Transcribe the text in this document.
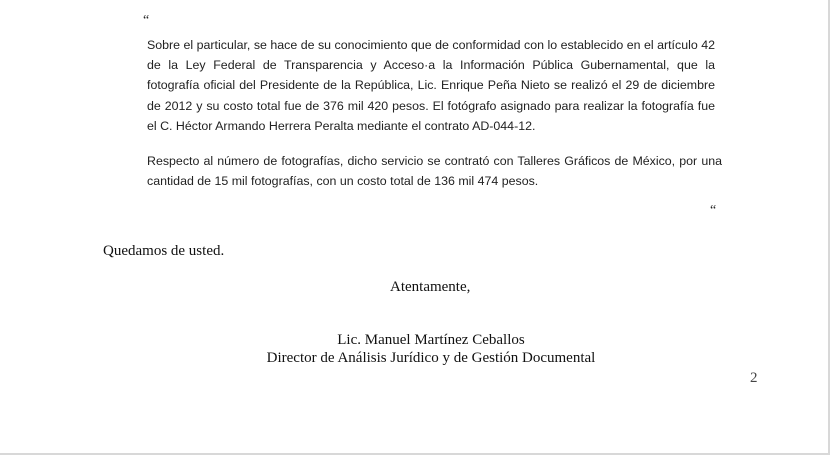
“

Sobre el particular, se hace de su conocimiento que de conformidad con lo establecido en el artículo 42 de la Ley Federal de Transparencia y Acceso·a la Información Pública Gubernamental, que la fotografía oficial del Presidente de la República, Lic. Enrique Peña Nieto se realizó el 29 de diciembre de 2012 y su costo total fue de 376 mil 420 pesos. El fotógrafo asignado para realizar la fotografía fue el C. Héctor Armando Herrera Peralta mediante el contrato AD-044-12.

Respecto al número de fotografías, dicho servicio se contrató con Talleres Gráficos de México, por una cantidad de 15 mil fotografías, con un costo total de 136 mil 474 pesos.

“
Quedamos de usted.
Atentamente,
Lic. Manuel Martínez Ceballos
Director de Análisis Jurídico y de Gestión Documental
2
